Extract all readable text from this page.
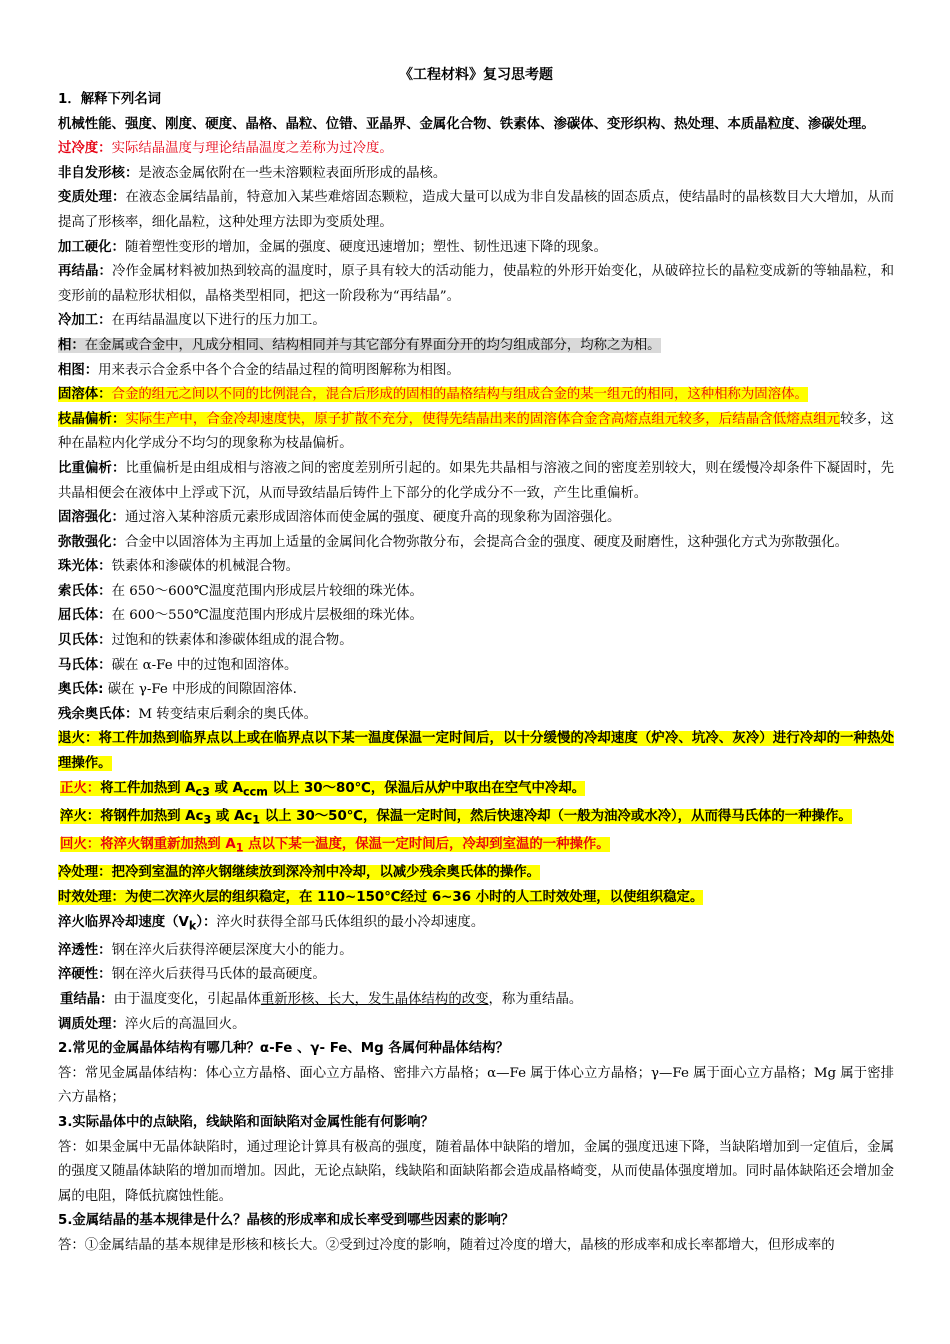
《工程材料》复习思考题

1．解释下列名词

机械性能、强度、刚度、硬度、晶格、晶粒、位错、亚晶界、金属化合物、铁素体、渗碳体、变形织构、热处理、本质晶粒度、渗碳处理。

过冷度：实际结晶温度与理论结晶温度之差称为过冷度。

非自发形核：是液态金属依附在一些未溶颗粒表面所形成的晶核。

变质处理：在液态金属结晶前，特意加入某些难熔固态颗粒，造成大量可以成为非自发晶核的固态质点，使结晶时的晶核数目大大增加，从而提高了形核率，细化晶粒，这种处理方法即为变质处理。

加工硬化：随着塑性变形的增加，金属的强度、硬度迅速增加；塑性、韧性迅速下降的现象。

再结晶：冷作金属材料被加热到较高的温度时，原子具有较大的活动能力，使晶粒的外形开始变化，从破碎拉长的晶粒变成新的等轴晶粒，和变形前的晶粒形状相似，晶格类型相同，把这一阶段称为“再结晶”。

冷加工：在再结晶温度以下进行的压力加工。

相：在金属或合金中，凡成分相同、结构相同并与其它部分有界面分开的均匀组成部分，均称之为相。

相图：用来表示合金系中各个合金的结晶过程的简明图解称为相图。

固溶体：合金的组元之间以不同的比例混合，混合后形成的固相的晶格结构与组成合金的某一组元的相同，这种相称为固溶体。

枝晶偏析：实际生产中，合金冷却速度快，原子扩散不充分，使得先结晶出来的固溶体合金含高熔点组元较多，后结晶含低熔点组元较多，这种在晶粒内化学成分不均匀的现象称为枝晶偏析。

比重偏析：比重偏析是由组成相与溶液之间的密度差别所引起的。如果先共晶相与溶液之间的密度差别较大，则在缓慢冷却条件下凝固时，先共晶相便会在液体中上浮或下沉，从而导致结晶后铸件上下部分的化学成分不一致，产生比重偏析。

固溶强化：通过溶入某种溶质元素形成固溶体而使金属的强度、硬度升高的现象称为固溶强化。

弥散强化：合金中以固溶体为主再加上适量的金属间化合物弥散分布，会提高合金的强度、硬度及耐磨性，这种强化方式为弥散强化。

珠光体：铁素体和渗碳体的机械混合物。

索氏体：在 650～600℃温度范围内形成层片较细的珠光体。

屈氏体：在 600～550℃温度范围内形成片层极细的珠光体。

贝氏体：过饱和的铁素体和渗碳体组成的混合物。

马氏体：碳在 α-Fe 中的过饱和固溶体。

奥氏体: 碳在 γ-Fe 中形成的间隙固溶体.

残余奥氏体：M 转变结束后剩余的奥氏体。

退火：将工件加热到临界点以上或在临界点以下某一温度保温一定时间后，以十分缓慢的冷却速度（炉冷、坑冷、灰冷）进行冷却的一种热处理操作。

正火：将工件加热到 $A_{c3}$ 或 $A_{ccm}$ 以上 30～80℃，保温后从炉中取出在空气中冷却。

淬火：将钢件加热到 $Ac_3$ 或 $Ac_1$ 以上 30～50℃，保温一定时间，然后快速冷却（一般为油冷或水冷），从而得马氏体的一种操作。

回火：将淬火钢重新加热到 $A_1$ 点以下某一温度，保温一定时间后，冷却到室温的一种操作。

冷处理：把冷到室温的淬火钢继续放到深冷剂中冷却，以减少残余奥氏体的操作。

时效处理：为使二次淬火层的组织稳定，在 110~150℃经过 6~36 小时的人工时效处理，以使组织稳定。

淬火临界冷却速度$(V_k)$：淬火时获得全部马氏体组织的最小冷却速度。

淬透性：钢在淬火后获得淬硬层深度大小的能力。

淬硬性：钢在淬火后获得马氏体的最高硬度。

重结晶：由于温度变化，引起晶体重新形核、长大，发生晶体结构的改变，称为重结晶。

调质处理：淬火后的高温回火。

2.常见的金属晶体结构有哪几种？α-Fe 、γ- Fe、Mg 各属何种晶体结构？

答：常见金属晶体结构：体心立方晶格、面心立方晶格、密排六方晶格；α—Fe 属于体心立方晶格；γ—Fe 属于面心立方晶格；Mg 属于密排六方晶格；

3.实际晶体中的点缺陷，线缺陷和面缺陷对金属性能有何影响？

答：如果金属中无晶体缺陷时，通过理论计算具有极高的强度，随着晶体中缺陷的增加，金属的强度迅速下降，当缺陷增加到一定值后，金属的强度又随晶体缺陷的增加而增加。因此，无论点缺陷，线缺陷和面缺陷都会造成晶格崎变，从而使晶体强度增加。同时晶体缺陷还会增加金属的电阻，降低抗腐蚀性能。

5.金属结晶的基本规律是什么？晶核的形成率和成长率受到哪些因素的影响？

答：①金属结晶的基本规律是形核和核长大。②受到过冷度的影响，随着过冷度的增大，晶核的形成率和成长率都增大，但形成率的
